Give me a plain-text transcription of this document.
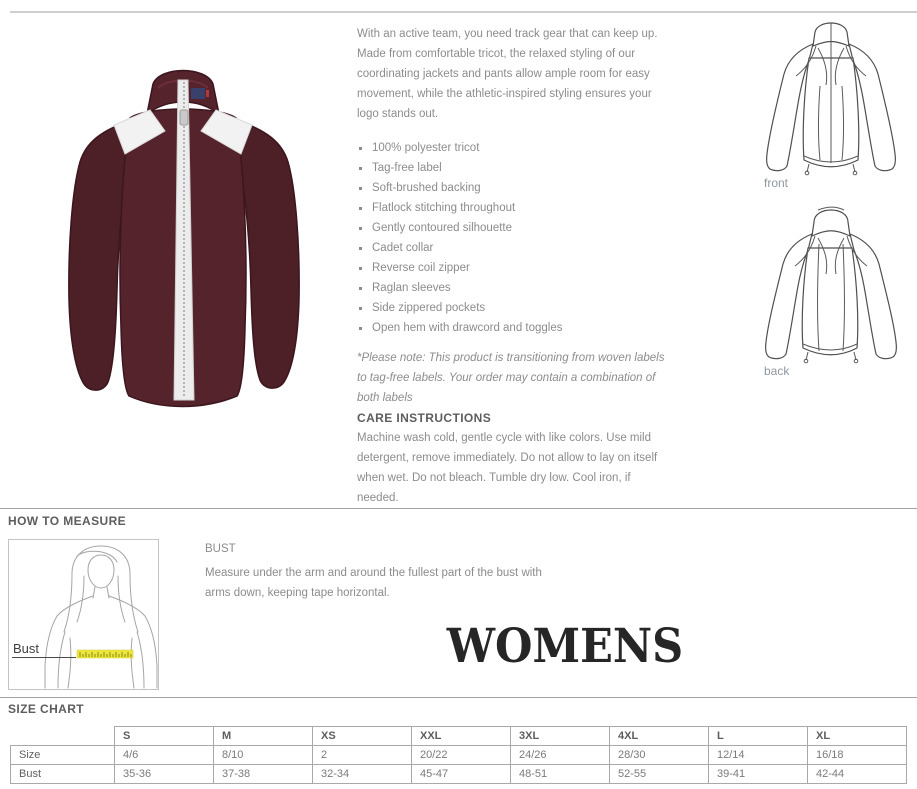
With an active team, you need track gear that can keep up. Made from comfortable tricot, the relaxed styling of our coordinating jackets and pants allow ample room for easy movement, while the athletic-inspired styling ensures your logo stands out.

100% polyester tricot
Tag-free label
Soft-brushed backing
Flatlock stitching throughout
Gently contoured silhouette
Cadet collar
Reverse coil zipper
Raglan sleeves
Side zippered pockets
Open hem with drawcord and toggles

*Please note: This product is transitioning from woven labels to tag-free labels. Your order may contain a combination of both labels

CARE INSTRUCTIONS

Machine wash cold, gentle cycle with like colors. Use mild detergent, remove immediately. Do not allow to lay on itself when wet. Do not bleach. Tumble dry low. Cool iron, if needed.

front
back
HOW TO MEASURE
Bust
BUST
Measure under the arm and around the fullest part of the bust with arms down, keeping tape horizontal.
WOMENS
SIZE CHART
	S	M	XS	XXL	3XL	4XL	L	XL
Size	4/6	8/10	2	20/22	24/26	28/30	12/14	16/18
Bust	35-36	37-38	32-34	45-47	48-51	52-55	39-41	42-44
